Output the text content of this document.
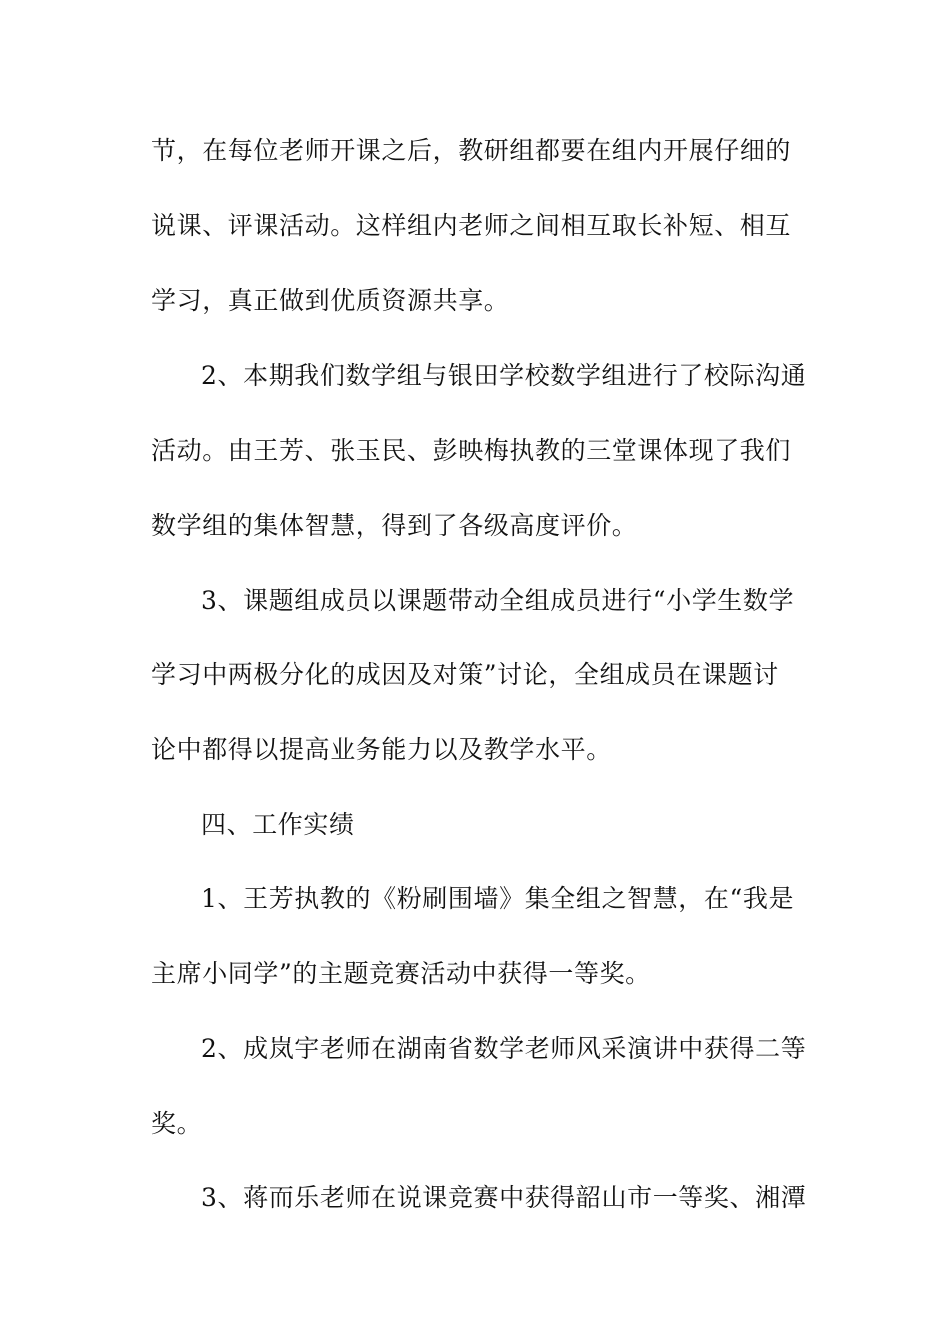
节，在每位老师开课之后，教研组都要在组内开展仔细的
说课、评课活动。这样组内老师之间相互取长补短、相互
学习，真正做到优质资源共享。
2、本期我们数学组与银田学校数学组进行了校际沟通
活动。由王芳、张玉民、彭映梅执教的三堂课体现了我们
数学组的集体智慧，得到了各级高度评价。
3、课题组成员以课题带动全组成员进行“小学生数学
学习中两极分化的成因及对策”讨论，全组成员在课题讨
论中都得以提高业务能力以及教学水平。
四、工作实绩
1、王芳执教的《粉刷围墙》集全组之智慧，在“我是
主席小同学”的主题竞赛活动中获得一等奖。
2、成岚宇老师在湖南省数学老师风采演讲中获得二等
奖。
3、蒋而乐老师在说课竞赛中获得韶山市一等奖、湘潭
